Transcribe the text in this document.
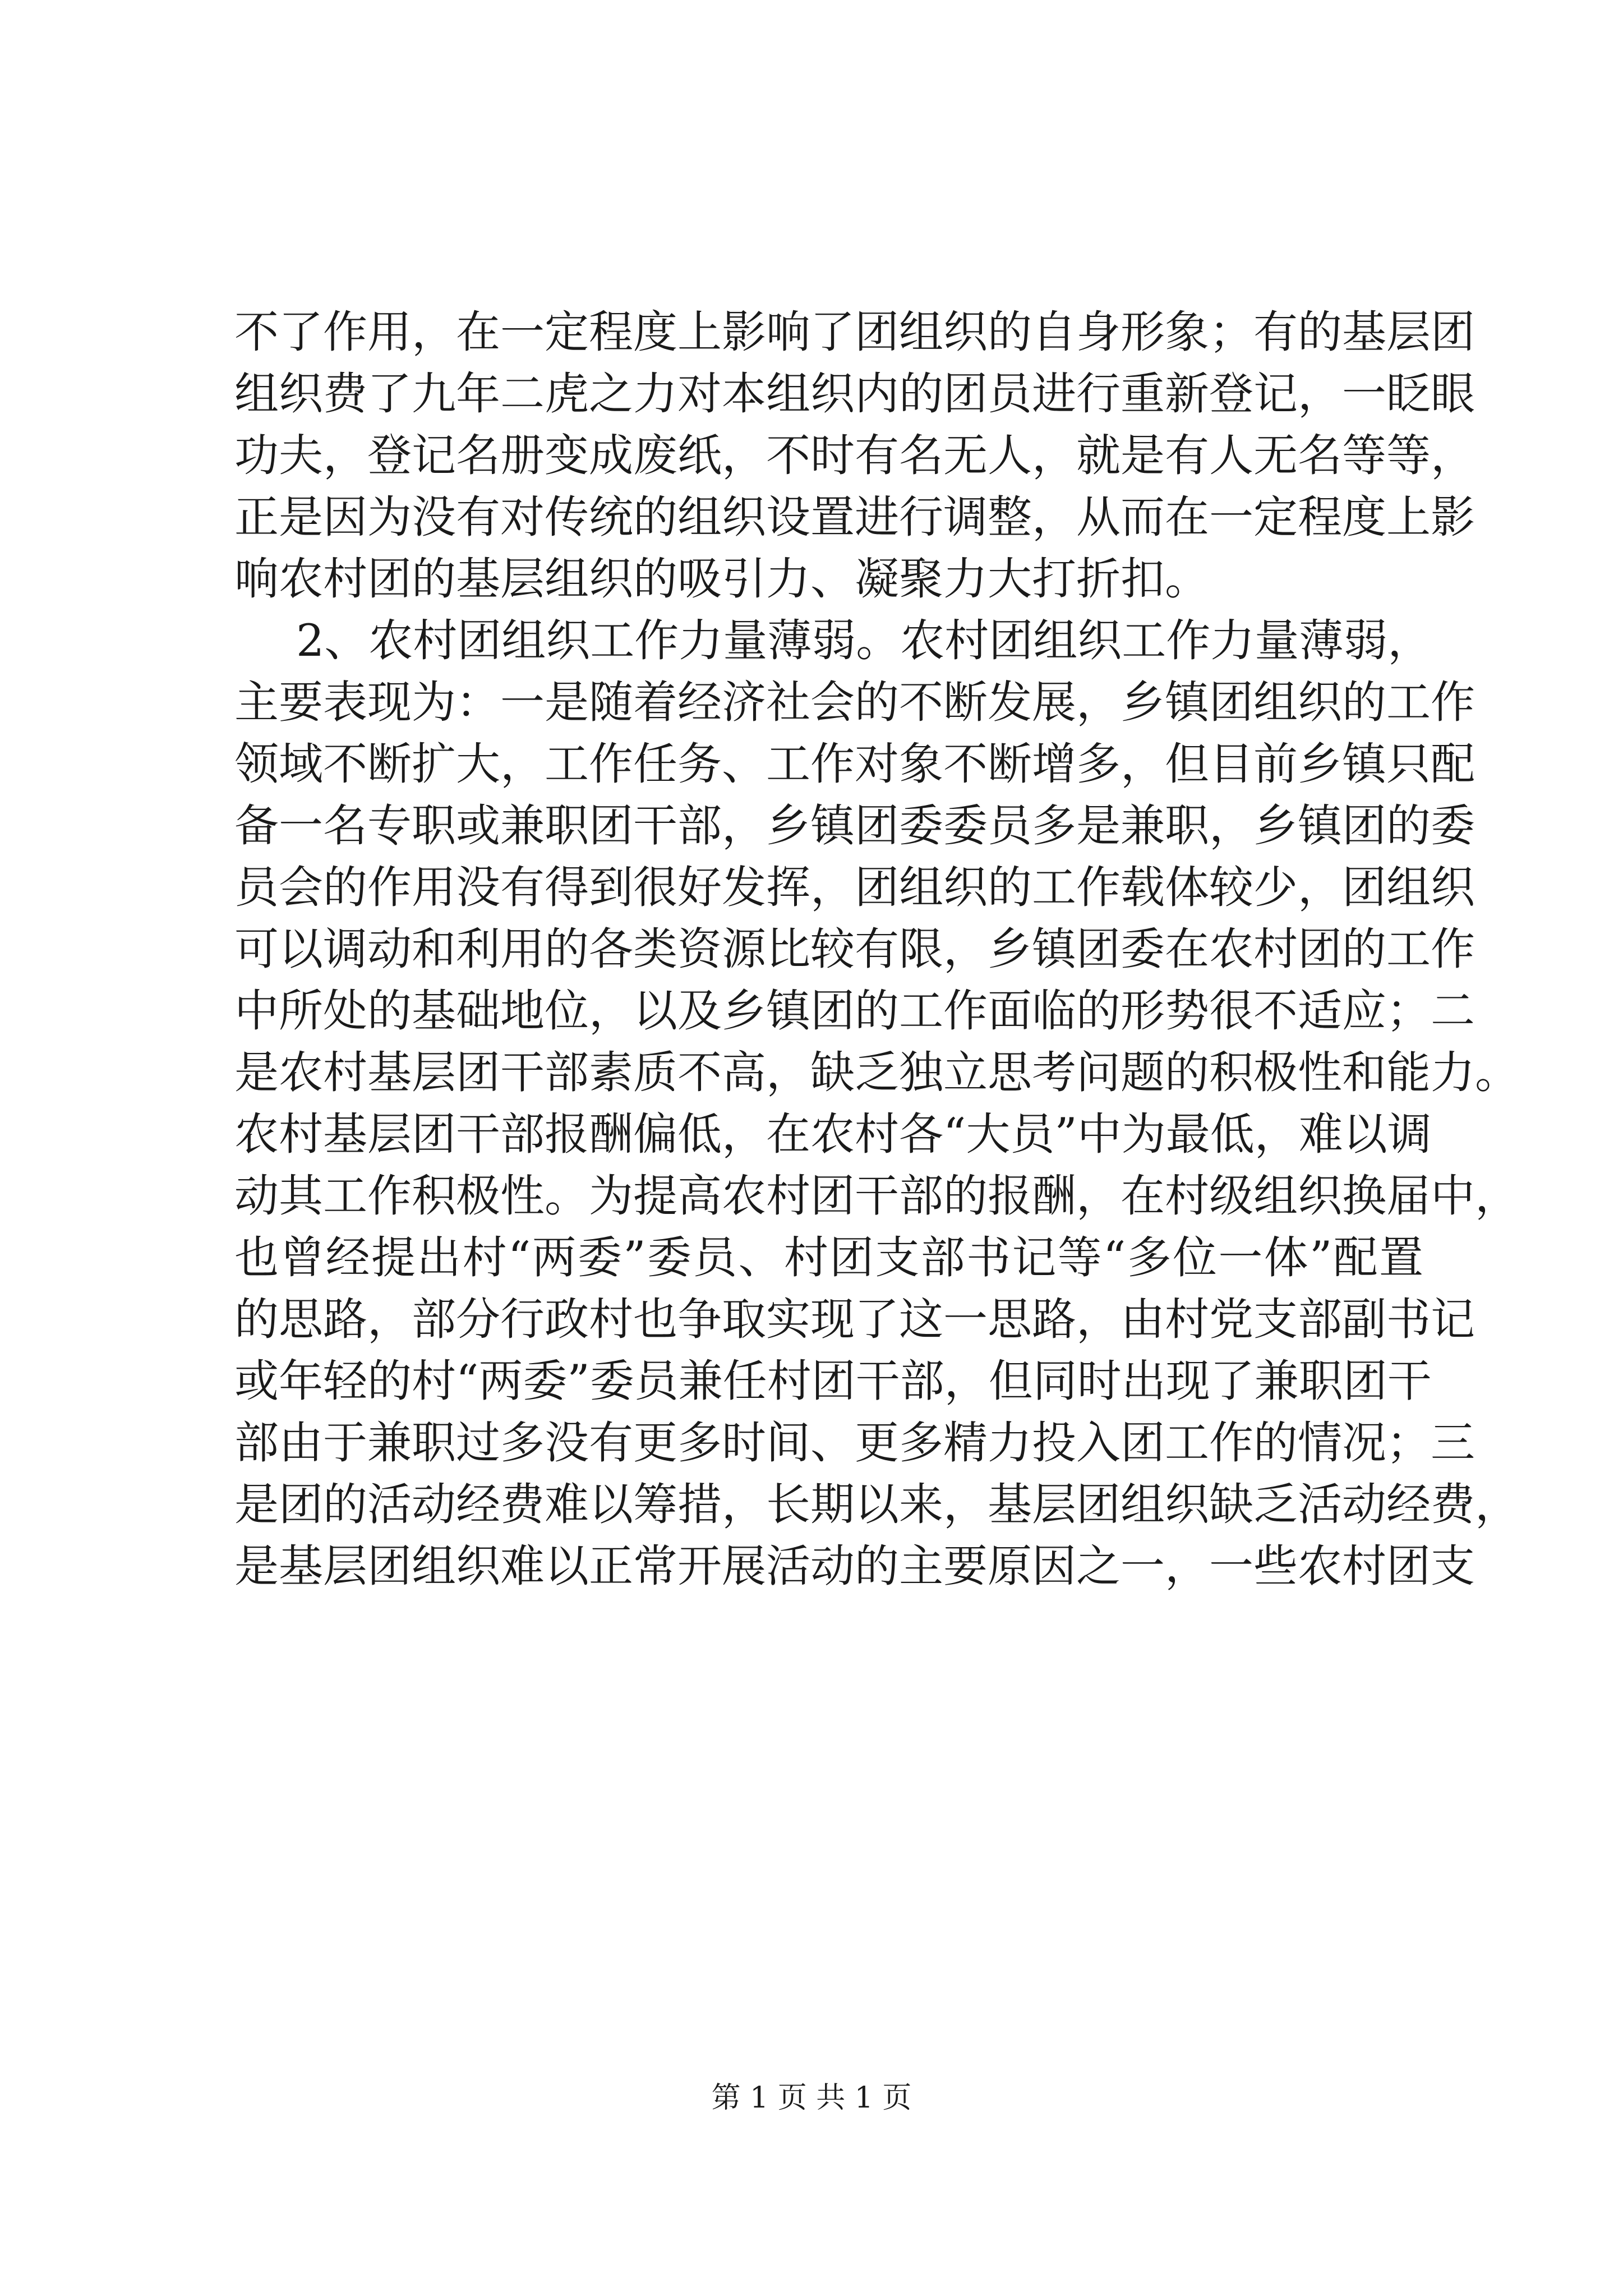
不了作用，在一定程度上影响了团组织的自身形象；有的基层团
组织费了九年二虎之力对本组织内的团员进行重新登记，一眨眼
功夫，登记名册变成废纸，不时有名无人，就是有人无名等等，
正是因为没有对传统的组织设置进行调整，从而在一定程度上影
响农村团的基层组织的吸引力、凝聚力大打折扣。
2、农村团组织工作力量薄弱。农村团组织工作力量薄弱，
主要表现为：一是随着经济社会的不断发展，乡镇团组织的工作
领域不断扩大，工作任务、工作对象不断增多，但目前乡镇只配
备一名专职或兼职团干部，乡镇团委委员多是兼职，乡镇团的委
员会的作用没有得到很好发挥，团组织的工作载体较少，团组织
可以调动和利用的各类资源比较有限，乡镇团委在农村团的工作
中所处的基础地位，以及乡镇团的工作面临的形势很不适应；二
是农村基层团干部素质不高，缺乏独立思考问题的积极性和能力。
农村基层团干部报酬偏低，在农村各“大员”中为最低，难以调
动其工作积极性。为提高农村团干部的报酬，在村级组织换届中，
也曾经提出村“两委”委员、村团支部书记等“多位一体”配置
的思路，部分行政村也争取实现了这一思路，由村党支部副书记
或年轻的村“两委”委员兼任村团干部，但同时出现了兼职团干
部由于兼职过多没有更多时间、更多精力投入团工作的情况；三
是团的活动经费难以筹措，长期以来，基层团组织缺乏活动经费，
是基层团组织难以正常开展活动的主要原因之一，一些农村团支
第 1 页 共 1 页
